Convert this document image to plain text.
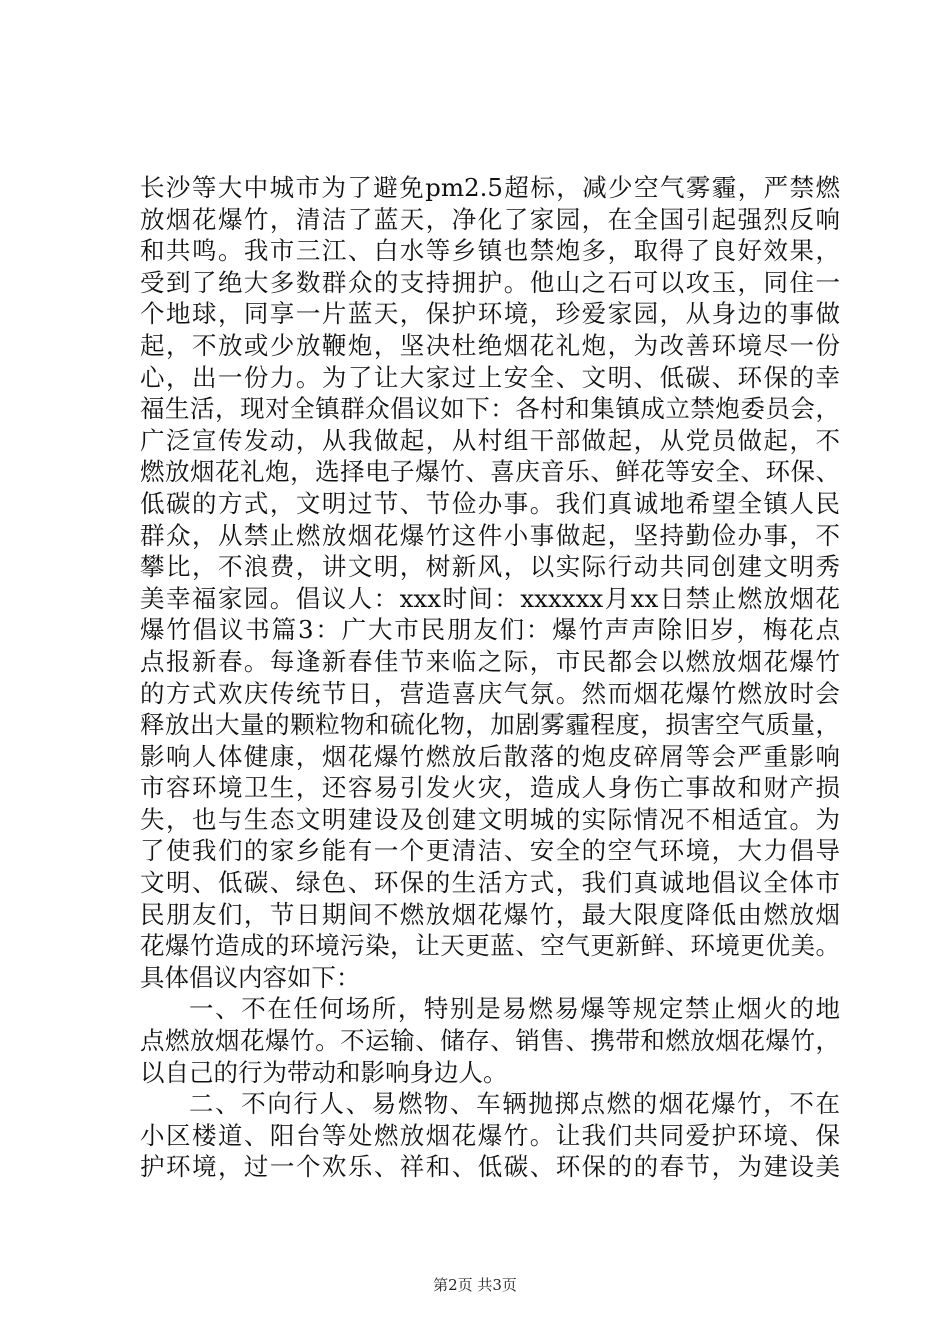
长沙等大中城市为了避免pm2.5超标，减少空气雾霾，严禁燃
放烟花爆竹，清洁了蓝天，净化了家园，在全国引起强烈反响
和共鸣。我市三江、白水等乡镇也禁炮多，取得了良好效果，
受到了绝大多数群众的支持拥护。他山之石可以攻玉，同住一
个地球，同享一片蓝天，保护环境，珍爱家园，从身边的事做
起，不放或少放鞭炮，坚决杜绝烟花礼炮，为改善环境尽一份
心，出一份力。为了让大家过上安全、文明、低碳、环保的幸
福生活，现对全镇群众倡议如下：各村和集镇成立禁炮委员会，
广泛宣传发动，从我做起，从村组干部做起，从党员做起，不
燃放烟花礼炮，选择电子爆竹、喜庆音乐、鲜花等安全、环保、
低碳的方式，文明过节、节俭办事。我们真诚地希望全镇人民
群众，从禁止燃放烟花爆竹这件小事做起，坚持勤俭办事，不
攀比，不浪费，讲文明，树新风，以实际行动共同创建文明秀
美幸福家园。倡议人：xxx时间：xxxxxx月xx日禁止燃放烟花
爆竹倡议书篇3：广大市民朋友们：爆竹声声除旧岁，梅花点
点报新春。每逢新春佳节来临之际，市民都会以燃放烟花爆竹
的方式欢庆传统节日，营造喜庆气氛。然而烟花爆竹燃放时会
释放出大量的颗粒物和硫化物，加剧雾霾程度，损害空气质量，
影响人体健康，烟花爆竹燃放后散落的炮皮碎屑等会严重影响
市容环境卫生，还容易引发火灾，造成人身伤亡事故和财产损
失，也与生态文明建设及创建文明城的实际情况不相适宜。为
了使我们的家乡能有一个更清洁、安全的空气环境，大力倡导
文明、低碳、绿色、环保的生活方式，我们真诚地倡议全体市
民朋友们，节日期间不燃放烟花爆竹，最大限度降低由燃放烟
花爆竹造成的环境污染，让天更蓝、空气更新鲜、环境更优美。
具体倡议内容如下：
一、不在任何场所，特别是易燃易爆等规定禁止烟火的地
点燃放烟花爆竹。不运输、储存、销售、携带和燃放烟花爆竹，
以自己的行为带动和影响身边人。
二、不向行人、易燃物、车辆抛掷点燃的烟花爆竹，不在
小区楼道、阳台等处燃放烟花爆竹。让我们共同爱护环境、保
护环境，过一个欢乐、祥和、低碳、环保的的春节，为建设美
第2页 共3页
